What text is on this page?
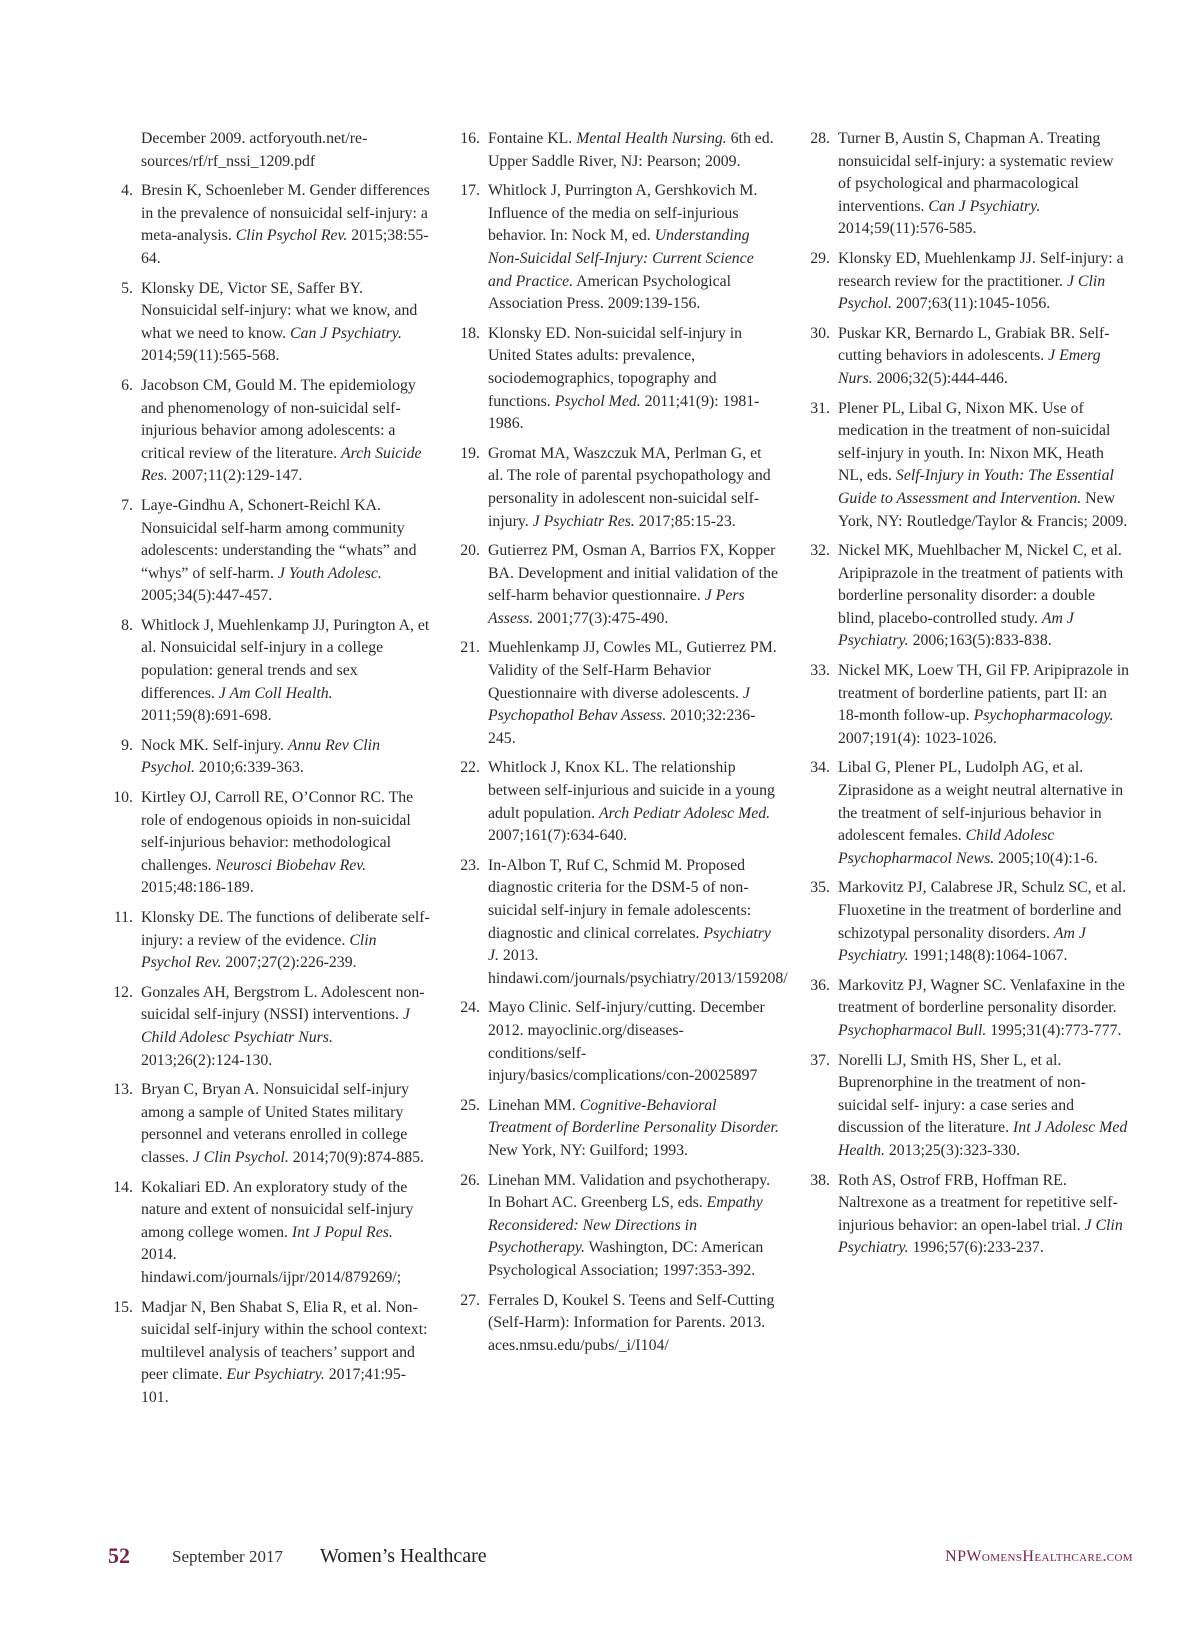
December 2009. actforyouth.net/re-sources/rf/rf_nssi_1209.pdf
4. Bresin K, Schoenleber M. Gender differences in the prevalence of nonsuicidal self-injury: a meta-analysis. Clin Psychol Rev. 2015;38:55-64.
5. Klonsky DE, Victor SE, Saffer BY. Nonsuicidal self-injury: what we know, and what we need to know. Can J Psychiatry. 2014;59(11):565-568.
6. Jacobson CM, Gould M. The epidemiology and phenomenology of non-suicidal self-injurious behavior among adolescents: a critical review of the literature. Arch Suicide Res. 2007;11(2):129-147.
7. Laye-Gindhu A, Schonert-Reichl KA. Nonsuicidal self-harm among community adolescents: understanding the “whats” and “whys” of self-harm. J Youth Adolesc. 2005;34(5):447-457.
8. Whitlock J, Muehlenkamp JJ, Purington A, et al. Nonsuicidal self-injury in a college population: general trends and sex differences. J Am Coll Health. 2011;59(8):691-698.
9. Nock MK. Self-injury. Annu Rev Clin Psychol. 2010;6:339-363.
10. Kirtley OJ, Carroll RE, O’Connor RC. The role of endogenous opioids in non-suicidal self-injurious behavior: methodological challenges. Neurosci Biobehav Rev. 2015;48:186-189.
11. Klonsky DE. The functions of deliberate self-injury: a review of the evidence. Clin Psychol Rev. 2007;27(2):226-239.
12. Gonzales AH, Bergstrom L. Adolescent non-suicidal self-injury (NSSI) interventions. J Child Adolesc Psychiatr Nurs. 2013;26(2):124-130.
13. Bryan C, Bryan A. Nonsuicidal self-injury among a sample of United States military personnel and veterans enrolled in college classes. J Clin Psychol. 2014;70(9):874-885.
14. Kokaliari ED. An exploratory study of the nature and extent of nonsuicidal self-injury among college women. Int J Popul Res. 2014. hindawi.com/journals/ijpr/2014/879269/;
15. Madjar N, Ben Shabat S, Elia R, et al. Non-suicidal self-injury within the school context: multilevel analysis of teachers’ support and peer climate. Eur Psychiatry. 2017;41:95-101.
16. Fontaine KL. Mental Health Nursing. 6th ed. Upper Saddle River, NJ: Pearson; 2009.
17. Whitlock J, Purrington A, Gershkovich M. Influence of the media on self-injurious behavior. In: Nock M, ed. Understanding Non-Suicidal Self-Injury: Current Science and Practice. American Psychological Association Press. 2009:139-156.
18. Klonsky ED. Non-suicidal self-injury in United States adults: prevalence, sociodemographics, topography and functions. Psychol Med. 2011;41(9): 1981-1986.
19. Gromat MA, Waszczuk MA, Perlman G, et al. The role of parental psychopathology and personality in adolescent non-suicidal self-injury. J Psychiatr Res. 2017;85:15-23.
20. Gutierrez PM, Osman A, Barrios FX, Kopper BA. Development and initial validation of the self-harm behavior questionnaire. J Pers Assess. 2001;77(3):475-490.
21. Muehlenkamp JJ, Cowles ML, Gutierrez PM. Validity of the Self-Harm Behavior Questionnaire with diverse adolescents. J Psychopathol Behav Assess. 2010;32:236-245.
22. Whitlock J, Knox KL. The relationship between self-injurious and suicide in a young adult population. Arch Pediatr Adolesc Med. 2007;161(7):634-640.
23. In-Albon T, Ruf C, Schmid M. Proposed diagnostic criteria for the DSM-5 of non-suicidal self-injury in female adolescents: diagnostic and clinical correlates. Psychiatry J. 2013. hindawi.com/journals/psychiatry/2013/159208/
24. Mayo Clinic. Self-injury/cutting. December 2012. mayoclinic.org/diseases-conditions/self-injury/basics/complications/con-20025897
25. Linehan MM. Cognitive-Behavioral Treatment of Borderline Personality Disorder. New York, NY: Guilford; 1993.
26. Linehan MM. Validation and psychotherapy. In Bohart AC. Greenberg LS, eds. Empathy Reconsidered: New Directions in Psychotherapy. Washington, DC: American Psychological Association; 1997:353-392.
27. Ferrales D, Koukel S. Teens and Self-Cutting (Self-Harm): Information for Parents. 2013. aces.nmsu.edu/pubs/_i/I104/
28. Turner B, Austin S, Chapman A. Treating nonsuicidal self-injury: a systematic review of psychological and pharmacological interventions. Can J Psychiatry. 2014;59(11):576-585.
29. Klonsky ED, Muehlenkamp JJ. Self-injury: a research review for the practitioner. J Clin Psychol. 2007;63(11):1045-1056.
30. Puskar KR, Bernardo L, Grabiak BR. Self-cutting behaviors in adolescents. J Emerg Nurs. 2006;32(5):444-446.
31. Plener PL, Libal G, Nixon MK. Use of medication in the treatment of non-suicidal self-injury in youth. In: Nixon MK, Heath NL, eds. Self-Injury in Youth: The Essential Guide to Assessment and Intervention. New York, NY: Routledge/Taylor & Francis; 2009.
32. Nickel MK, Muehlbacher M, Nickel C, et al. Aripiprazole in the treatment of patients with borderline personality disorder: a double blind, placebo-controlled study. Am J Psychiatry. 2006;163(5):833-838.
33. Nickel MK, Loew TH, Gil FP. Aripiprazole in treatment of borderline patients, part II: an 18-month follow-up. Psychopharmacology. 2007;191(4): 1023-1026.
34. Libal G, Plener PL, Ludolph AG, et al. Ziprasidone as a weight neutral alternative in the treatment of self-injurious behavior in adolescent females. Child Adolesc Psychopharmacol News. 2005;10(4):1-6.
35. Markovitz PJ, Calabrese JR, Schulz SC, et al. Fluoxetine in the treatment of borderline and schizotypal personality disorders. Am J Psychiatry. 1991;148(8):1064-1067.
36. Markovitz PJ, Wagner SC. Venlafaxine in the treatment of borderline personality disorder. Psychopharmacol Bull. 1995;31(4):773-777.
37. Norelli LJ, Smith HS, Sher L, et al. Buprenorphine in the treatment of non-suicidal self- injury: a case series and discussion of the literature. Int J Adolesc Med Health. 2013;25(3):323-330.
38. Roth AS, Ostrof FRB, Hoffman RE. Naltrexone as a treatment for repetitive self-injurious behavior: an open-label trial. J Clin Psychiatry. 1996;57(6):233-237.
52 September 2017 Women’s Healthcare	NPWomensHealthcare.com
